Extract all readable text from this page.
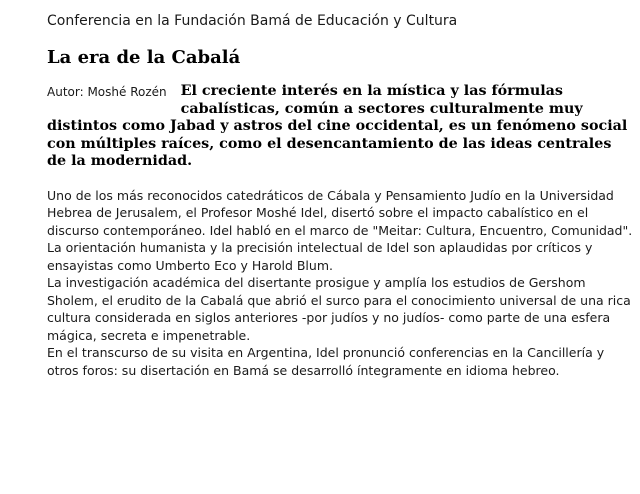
Conferencia en la Fundación Bamá de Educación y Cultura

La era de la Cabalá
Autor: Moshé Rozén El creciente interés en la mística y las fórmulas cabalísticas, común a sectores culturalmente muy distintos como Jabad y astros del cine occidental, es un fenómeno social con múltiples raíces, como el desencantamiento de las ideas centrales de la modernidad.

Uno de los más reconocidos catedráticos de Cábala y Pensamiento Judío en la Universidad Hebrea de Jerusalem, el Profesor Moshé Idel, disertó sobre el impacto cabalístico en el discurso contemporáneo. Idel habló en el marco de "Meitar: Cultura, Encuentro, Comunidad".

La orientación humanista y la precisión intelectual de Idel son aplaudidas por críticos y ensayistas como Umberto Eco y Harold Blum.

La investigación académica del disertante prosigue y amplía los estudios de Gershom Sholem, el erudito de la Cabalá que abrió el surco para el conocimiento universal de una rica cultura considerada en siglos anteriores -por judíos y no judíos- como parte de una esfera mágica, secreta e impenetrable.

En el transcurso de su visita en Argentina, Idel pronunció conferencias en la Cancillería y otros foros: su disertación en Bamá se desarrolló íntegramente en idioma hebreo.
